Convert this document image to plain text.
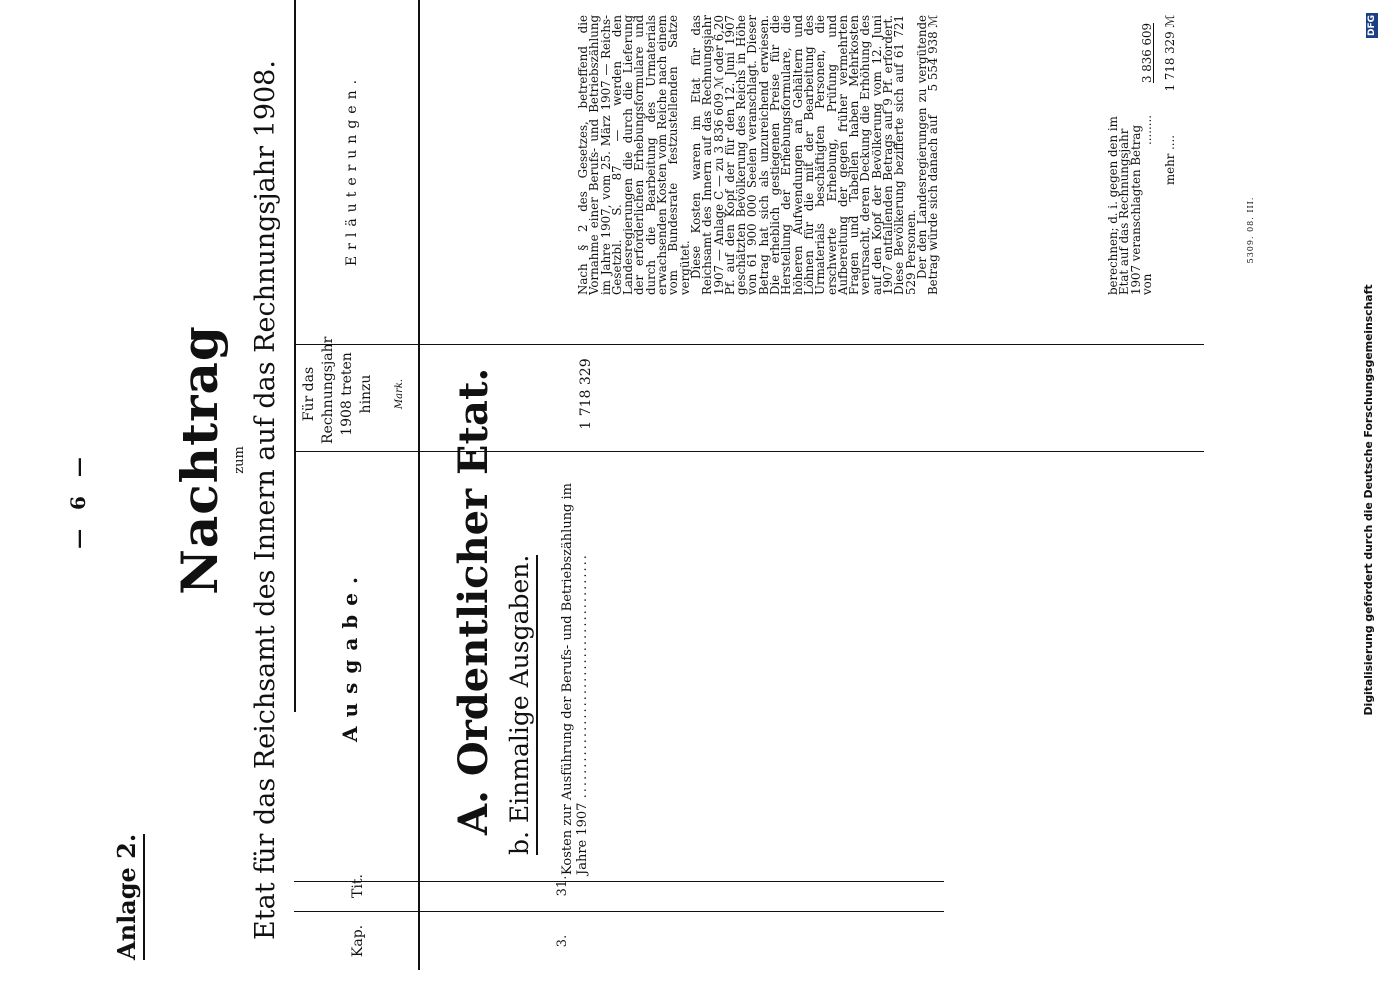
Digitalisierung gefördert durch die Deutsche Forschungsgemeinschaft
DFG
— 6 —
Anlage 2.
Nachtrag zum Etat für das Reichsamt des Innern auf das Rechnungsjahr 1908.
Kap.
Tit.
Ausgabe.
Für das Rechnungsjahr 1908 treten hinzu Mark.
Erläuterungen.
A. Ordentlicher Etat. b. Einmalige Ausgaben.
3.
31.
Kosten zur Ausführung der Berufs- und Betriebszählung im Jahre 1907 ........................................
1 718 329

Nach § 2 des Gesetzes, betreffend die Vornahme einer Berufs- und Betriebszählung im Jahre 1907, vom 25. März 1907 — Reichs-Gesetzbl. S. 87 — werden den Landesregierungen die durch die Lieferung der erforderlichen Erhebungsformulare und durch die Bearbeitung des Urmaterials erwachsenden Kosten vom Reiche nach einem vom Bundesrate festzustellenden Satze vergütet.

Diese Kosten waren im Etat für das Reichsamt des Innern auf das Rechnungsjahr 1907 — Anlage C — zu 3 836 609 ℳ oder 6,20 Pf. auf den Kopf der für den 12. Juni 1907 geschätzten Bevölkerung des Reichs in Höhe von 61 900 000 Seelen veranschlagt. Dieser Betrag hat sich als unzureichend erwiesen. Die erheblich gestiegenen Preise für die Herstellung der Erhebungsformulare, die höheren Aufwendungen an Gehältern und Löhnen für die mit der Bearbeitung des Urmaterials beschäftigten Personen, die erschwerte Erhebung, Prüfung und Aufbereitung der gegen früher vermehrten Fragen und Tabellen haben Mehrkosten verursacht, deren Deckung die Erhöhung des auf den Kopf der Bevölkerung vom 12. Juni 1907 entfallenden Betrags auf 9 Pf. erfordert. Diese Bevölkerung bezifferte sich auf 61 721 529 Personen.

Der den Landesregierungen zu vergütende Betrag würde sich danach auf
5 554 938 ℳ

berechnen; d. i. gegen den im Etat auf das Rechnungsjahr 1907 veranschlagten Betrag von
........
3 836 609
mehr
....
1 718 329 ℳ
5309. 08. III.
